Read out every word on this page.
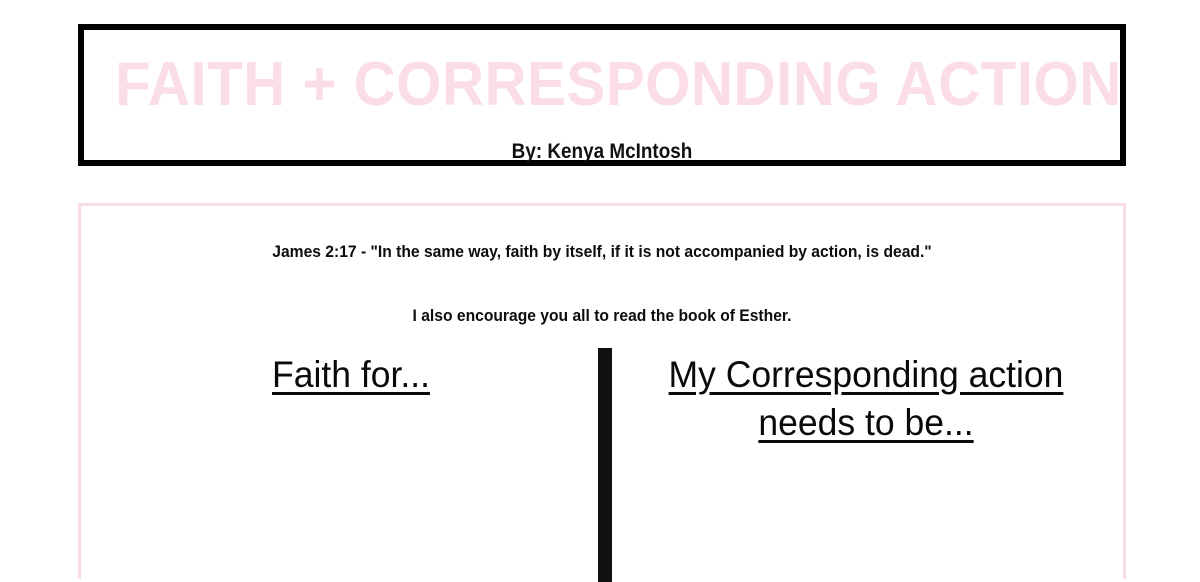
FAITH + CORRESPONDING ACTION
By: Kenya McIntosh
James 2:17 - "In the same way, faith by itself, if it is not accompanied by action, is dead."
I also encourage you all to read the book of Esther.
Faith for...	My Corresponding action needs to be...
